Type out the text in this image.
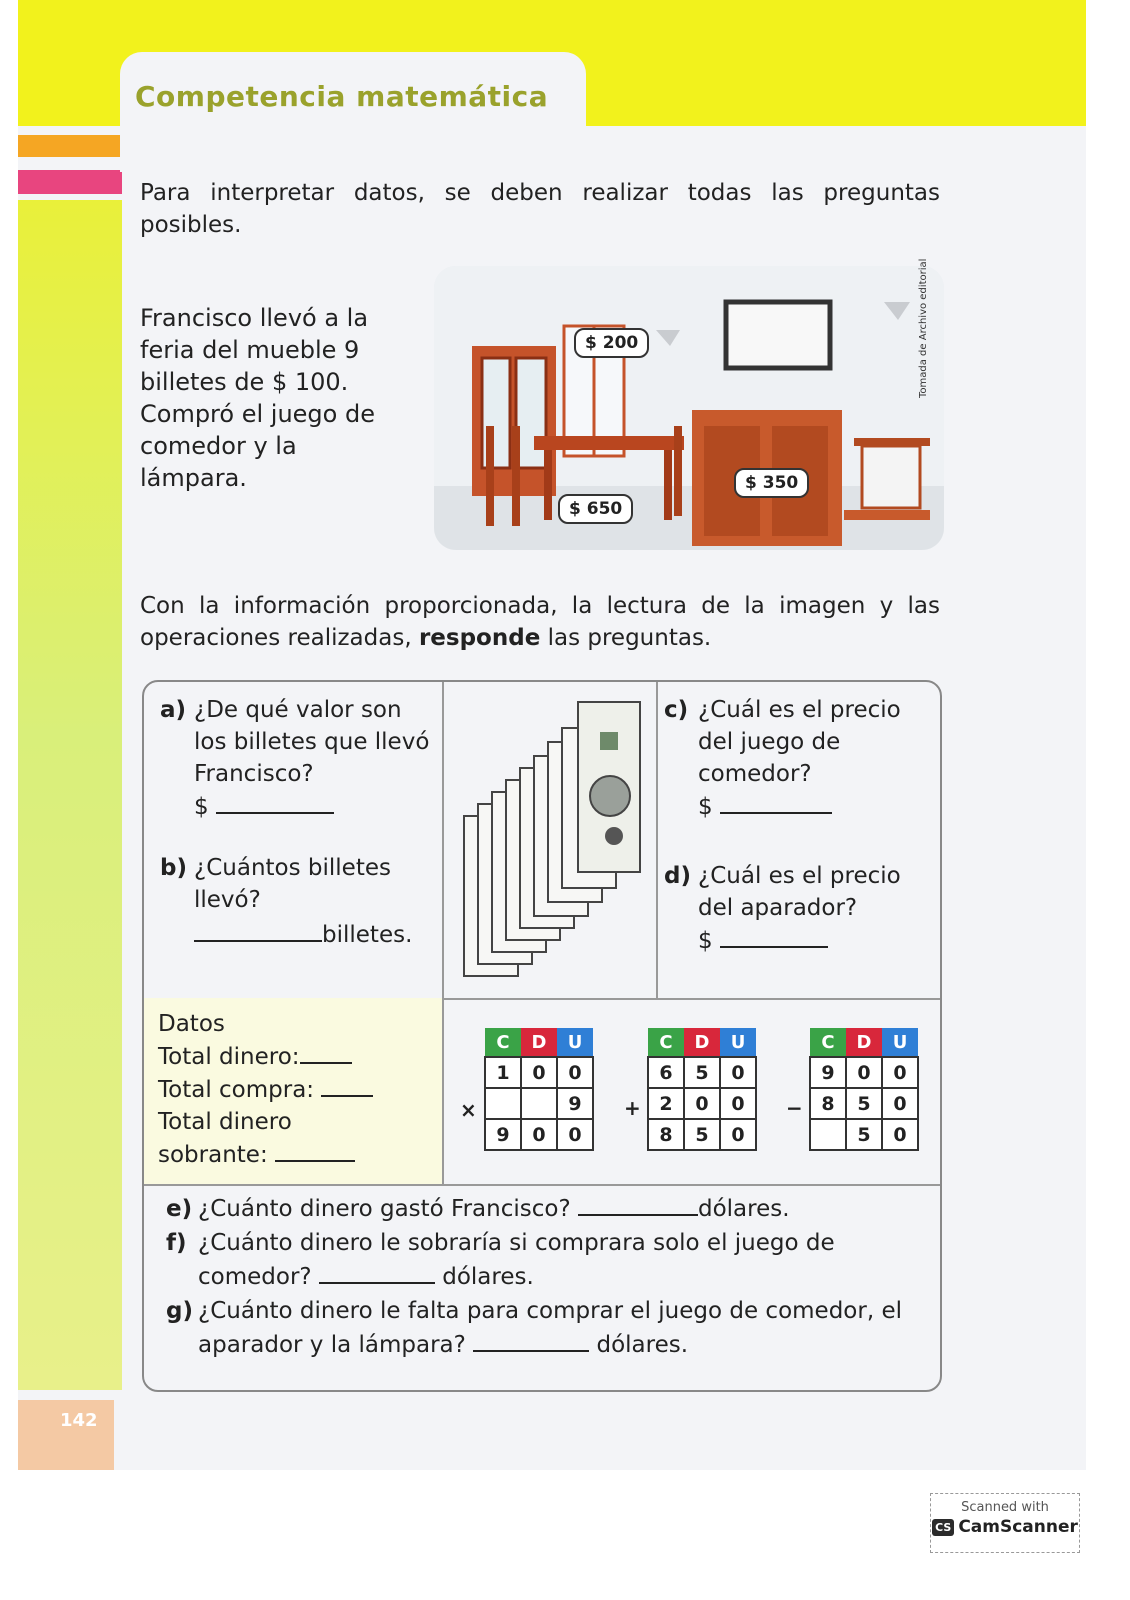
142
Competencia matemática
Para interpretar datos, se deben realizar todas las preguntas posibles.
Francisco llevó a la feria del mueble 9 billetes de $ 100. Compró el juego de comedor y la lámpara.
$ 200
$ 650
$ 350
Tomada de Archivo editorial
Con la información proporcionada, la lectura de la imagen y las operaciones realizadas, responde las preguntas.
a) ¿De qué valor son los billetes que llevó Francisco?
$
b) ¿Cuántos billetes llevó?
billetes.
c) ¿Cuál es el precio del juego de comedor?
$
d) ¿Cuál es el precio del aparador?
$
Datos
Total dinero:
Total compra:
Total dinero
sobrante:
×
C	D	U
1	0	0
		9
9	0	0
+
C	D	U
6	5	0
2	0	0
8	5	0
−
C	D	U
9	0	0
8	5	0
	5	0
e) ¿Cuánto dinero gastó Francisco?	dólares.
f) ¿Cuánto dinero le sobraría si comprara solo el juego de comedor?	dólares.
g) ¿Cuánto dinero le falta para comprar el juego de comedor, el aparador y la lámpara?	dólares.
Scanned with
CS CamScanner
